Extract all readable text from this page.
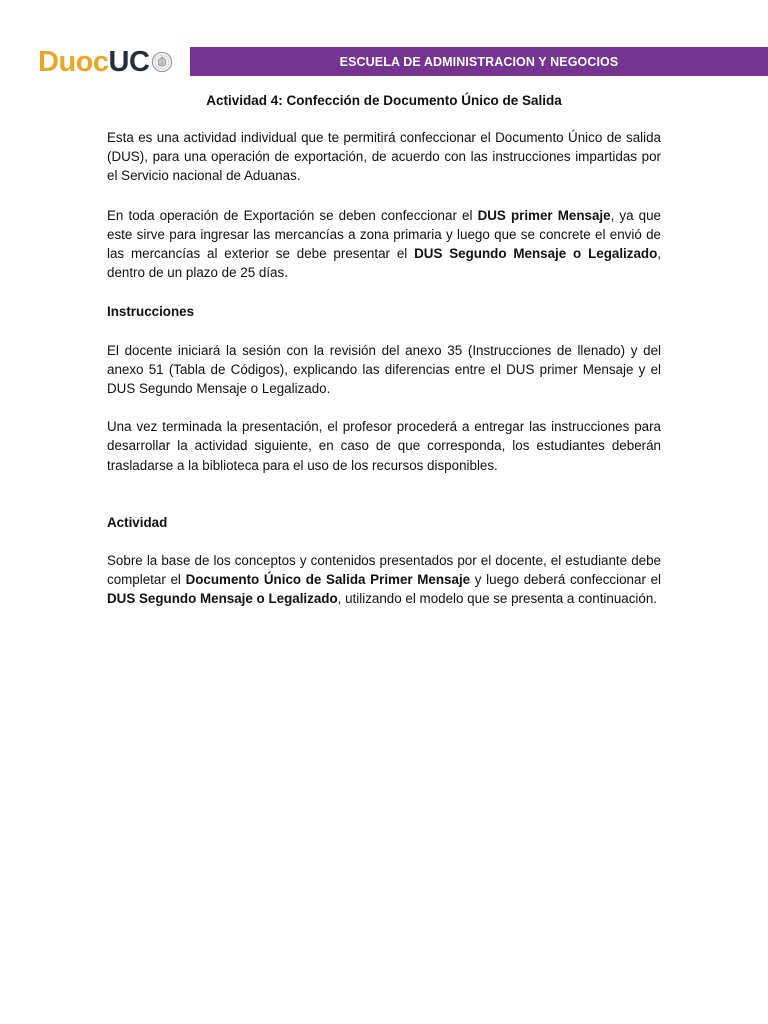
Duoc UC	ESCUELA DE ADMINISTRACION Y NEGOCIOS
Actividad 4: Confección de Documento Único de Salida

Esta es una actividad individual que te permitirá confeccionar el Documento Único de salida (DUS), para una operación de exportación, de acuerdo con las instrucciones impartidas por el Servicio nacional de Aduanas.

En toda operación de Exportación se deben confeccionar el DUS primer Mensaje, ya que este sirve para ingresar las mercancías a zona primaria y luego que se concrete el envió de las mercancías al exterior se debe presentar el DUS Segundo Mensaje o Legalizado, dentro de un plazo de 25 días.

Instrucciones

El docente iniciará la sesión con la revisión del anexo 35 (Instrucciones de llenado) y del anexo 51 (Tabla de Códigos), explicando las diferencias entre el DUS primer Mensaje y el DUS Segundo Mensaje o Legalizado.

Una vez terminada la presentación, el profesor procederá a entregar las instrucciones para desarrollar la actividad siguiente, en caso de que corresponda, los estudiantes deberán trasladarse a la biblioteca para el uso de los recursos disponibles.

Actividad

Sobre la base de los conceptos y contenidos presentados por el docente, el estudiante debe completar el Documento Único de Salida Primer Mensaje y luego deberá confeccionar el DUS Segundo Mensaje o Legalizado, utilizando el modelo que se presenta a continuación.
